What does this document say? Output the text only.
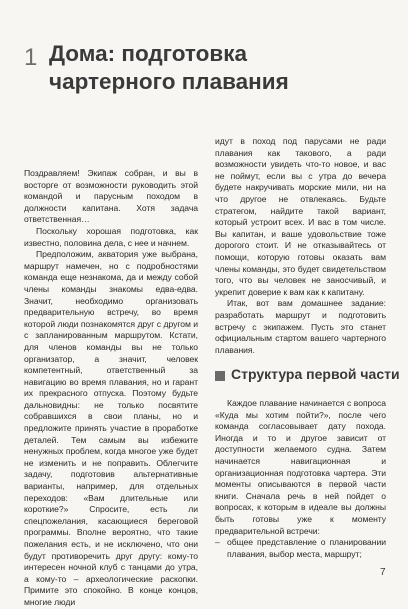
1 Дома: подготовка
чартерного плавания

Поздравляем! Экипаж собран, и вы в восторге от возможности руководить этой командой и парусным походом в должности капитана. Хотя задача ответственная…

Поскольку хорошая подготовка, как известно, половина дела, с нее и начнем.

Предположим, акватория уже выбрана, маршрут намечен, но с подробностями команда еще незнакома, да и между собой члены команды знакомы едва-едва. Значит, необходимо организовать предварительную встречу, во время которой люди познакомятся друг с другом и с запланированным маршрутом. Кстати, для членов команды вы не только организатор, а значит, человек компетентный, ответственный за навигацию во время плавания, но и гарант их прекрасного отпуска. Поэтому будьте дальновидны: не только посвятите собравшихся в свои планы, но и предложите принять участие в проработке деталей. Тем самым вы избежите ненужных проблем, когда многое уже будет не изменить и не поправить. Облегчите задачу, подготовив альтернативные варианты, например, для отдельных переходов: «Вам длительные или короткие?» Спросите, есть ли спецпожелания, касающиеся береговой программы. Вполне вероятно, что такие пожелания есть, и не исключено, что они будут противоречить друг другу: кому-то интересен ночной клуб с танцами до утра, а кому-то – археологические раскопки. Примите это спокойно. В конце концов, многие люди

идут в поход под парусами не ради плавания как такового, а ради возможности увидеть что-то новое, и вас не поймут, если вы с утра до вечера будете накручивать морские мили, ни на что другое не отвлекаясь. Будьте стратегом, найдите такой вариант, который устроит всех. И вас в том числе. Вы капитан, и ваше удовольствие тоже дорогого стоит. И не отказывайтесь от помощи, которую готовы оказать вам члены команды, это будет свидетельством того, что вы человек не заносчивый, и укрепит доверие к вам как к капитану.

Итак, вот вам домашнее задание: разработать маршрут и подготовить встречу с экипажем. Пусть это станет официальным стартом вашего чартерного плавания.

Структура первой части

Каждое плавание начинается с вопроса «Куда мы хотим пойти?», после чего команда согласовывает дату похода. Иногда и то и другое зависит от доступности желаемого судна. Затем начинается навигационная и организационная подготовка чартера. Эти моменты описываются в первой части книги. Сначала речь в ней пойдет о вопросах, к которым в идеале вы должны быть готовы уже к моменту предварительной встречи:

– общее представление о планировании плавания, выбор места, маршрут;
7
